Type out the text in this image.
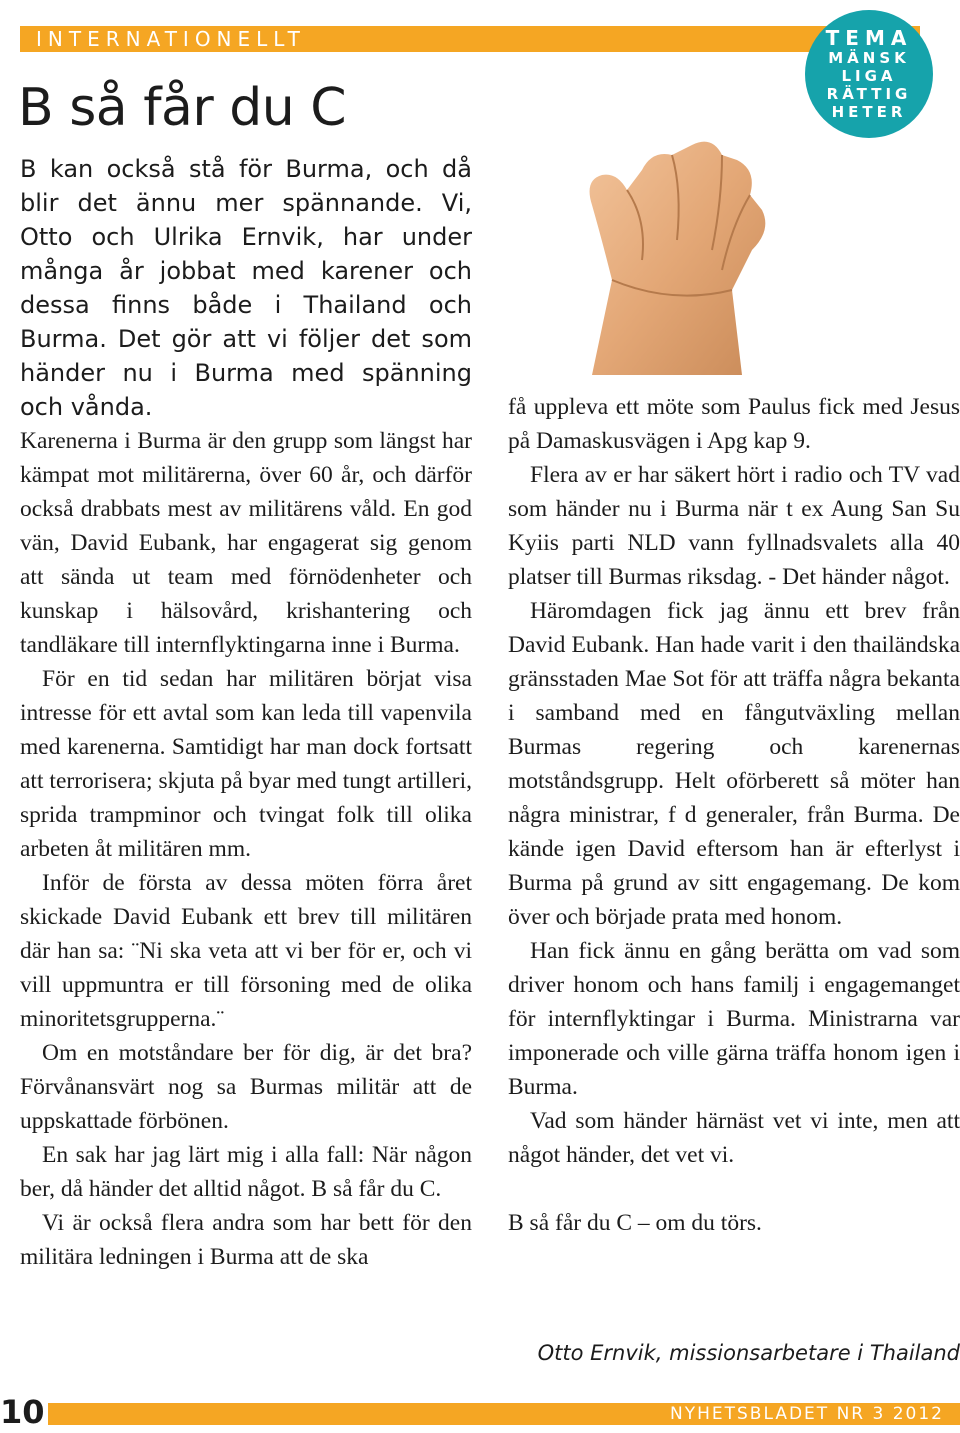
INTERNATIONELLT	TEMA
MÄNSK
LIGA
RÄTTIG
HETER
B så får du C

B kan också stå för Burma, och då blir det ännu mer spännande. Vi, Otto och Ulrika Ernvik, har under många år jobbat med karener och dessa finns både i Thailand och Burma. Det gör att vi följer det som händer nu i Burma med spänning och vånda.

Karenerna i Burma är den grupp som längst har kämpat mot militärerna, över 60 år, och därför också drabbats mest av militärens våld. En god vän, David Eubank, har engagerat sig genom att sända ut team med förnödenheter och kunskap i hälsovård, krishantering och tandläkare till internflyktingarna inne i Burma.

För en tid sedan har militären börjat visa intresse för ett avtal som kan leda till vapenvila med karenerna. Samtidigt har man dock fortsatt att terrorisera; skjuta på byar med tungt artilleri, sprida trampminor och tvingat folk till olika arbeten åt militären mm.

Inför de första av dessa möten förra året skickade David Eubank ett brev till militären där han sa: ¨Ni ska veta att vi ber för er, och vi vill uppmuntra er till försoning med de olika minoritetsgrupperna.¨

Om en motståndare ber för dig, är det bra? Förvånansvärt nog sa Burmas militär att de uppskattade förbönen.

En sak har jag lärt mig i alla fall: När någon ber, då händer det alltid något. B så får du C.

Vi är också flera andra som har bett för den militära ledningen i Burma att de ska

få uppleva ett möte som Paulus fick med Jesus på Damaskusvägen i Apg kap 9.

Flera av er har säkert hört i radio och TV vad som händer nu i Burma när t ex Aung San Su Kyiis parti NLD vann fyllnadsvalets alla 40 platser till Burmas riksdag. - Det händer något.

Häromdagen fick jag ännu ett brev från David Eubank. Han hade varit i den thailändska gränsstaden Mae Sot för att träffa några bekanta i samband med en fångutväxling mellan Burmas regering och karenernas motståndsgrupp. Helt oförberett så möter han några ministrar, f d generaler, från Burma. De kände igen David eftersom han är efterlyst i Burma på grund av sitt engagemang. De kom över och började prata med honom.

Han fick ännu en gång berätta om vad som driver honom och hans familj i engagemanget för internflyktingar i Burma. Ministrarna var imponerade och ville gärna träffa honom igen i Burma.

Vad som händer härnäst vet vi inte, men att något händer, det vet vi.

B så får du C – om du törs.

Otto Ernvik, missionsarbetare i Thailand

10	NYHETSBLADET NR 3 2012
